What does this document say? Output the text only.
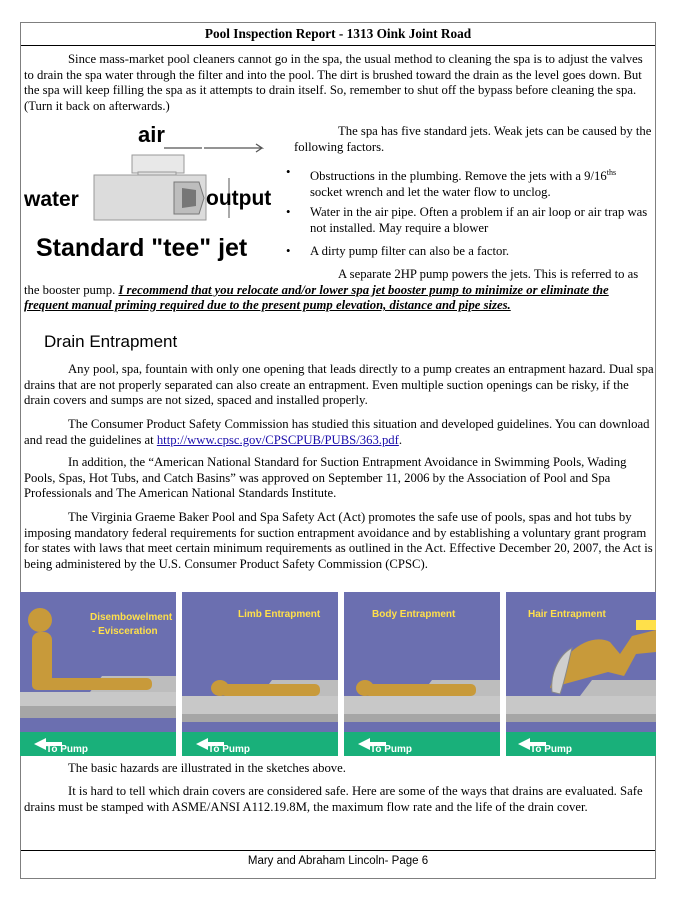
Pool Inspection Report - 1313 Oink Joint Road
Since mass-market pool cleaners cannot go in the spa, the usual method to cleaning the spa is to adjust the valves to drain the spa water through the filter and into the pool. The dirt is brushed toward the drain as the level goes down. But the spa will keep filling the spa as it attempts to drain itself. So, remember to shut off the bypass before cleaning the spa. (Turn it back on afterwards.)
air
water	output
Standard "tee" jet
The spa has five standard jets. Weak jets can be caused by the following factors.
• Obstructions in the plumbing. Remove the jets with a $9/16^{ths}$ socket wrench and let the water flow to unclog.
• Water in the air pipe. Often a problem if an air loop or air trap was not installed. May require a blower
• A dirty pump filter can also be a factor.
A separate 2HP pump powers the jets. This is referred to as the booster pump. I recommend that you relocate and/or lower spa jet booster pump to minimize or eliminate the frequent manual priming required due to the present pump elevation, distance and pipe sizes.
Drain Entrapment
Any pool, spa, fountain with only one opening that leads directly to a pump creates an entrapment hazard. Dual spa drains that are not properly separated can also create an entrapment. Even multiple suction openings can be risky, if the drain covers and sumps are not sized, spaced and installed properly.
The Consumer Product Safety Commission has studied this situation and developed guidelines. You can download and read the guidelines at http://www.cpsc.gov/CPSCPUB/PUBS/363.pdf.
In addition, the “American National Standard for Suction Entrapment Avoidance in Swimming Pools, Wading Pools, Spas, Hot Tubs, and Catch Basins” was approved on September 11, 2006 by the Association of Pool and Spa Professionals and The American National Standards Institute.
The Virginia Graeme Baker Pool and Spa Safety Act (Act) promotes the safe use of pools, spas and hot tubs by imposing mandatory federal requirements for suction entrapment avoidance and by establishing a voluntary grant program for states with laws that meet certain minimum requirements as outlined in the Act. Effective December 20, 2007, the Act is being administered by the U.S. Consumer Product Safety Commission (CPSC).
Disembowelment
- Evisceration
To Pump
Limb Entrapment
To Pump
Body Entrapment
To Pump
Hair Entrapment
To Pump
The basic hazards are illustrated in the sketches above.
It is hard to tell which drain covers are considered safe. Here are some of the ways that drains are evaluated. Safe drains must be stamped with ASME/ANSI A112.19.8M, the maximum flow rate and the life of the drain cover.
Mary and Abraham Lincoln- Page 6
